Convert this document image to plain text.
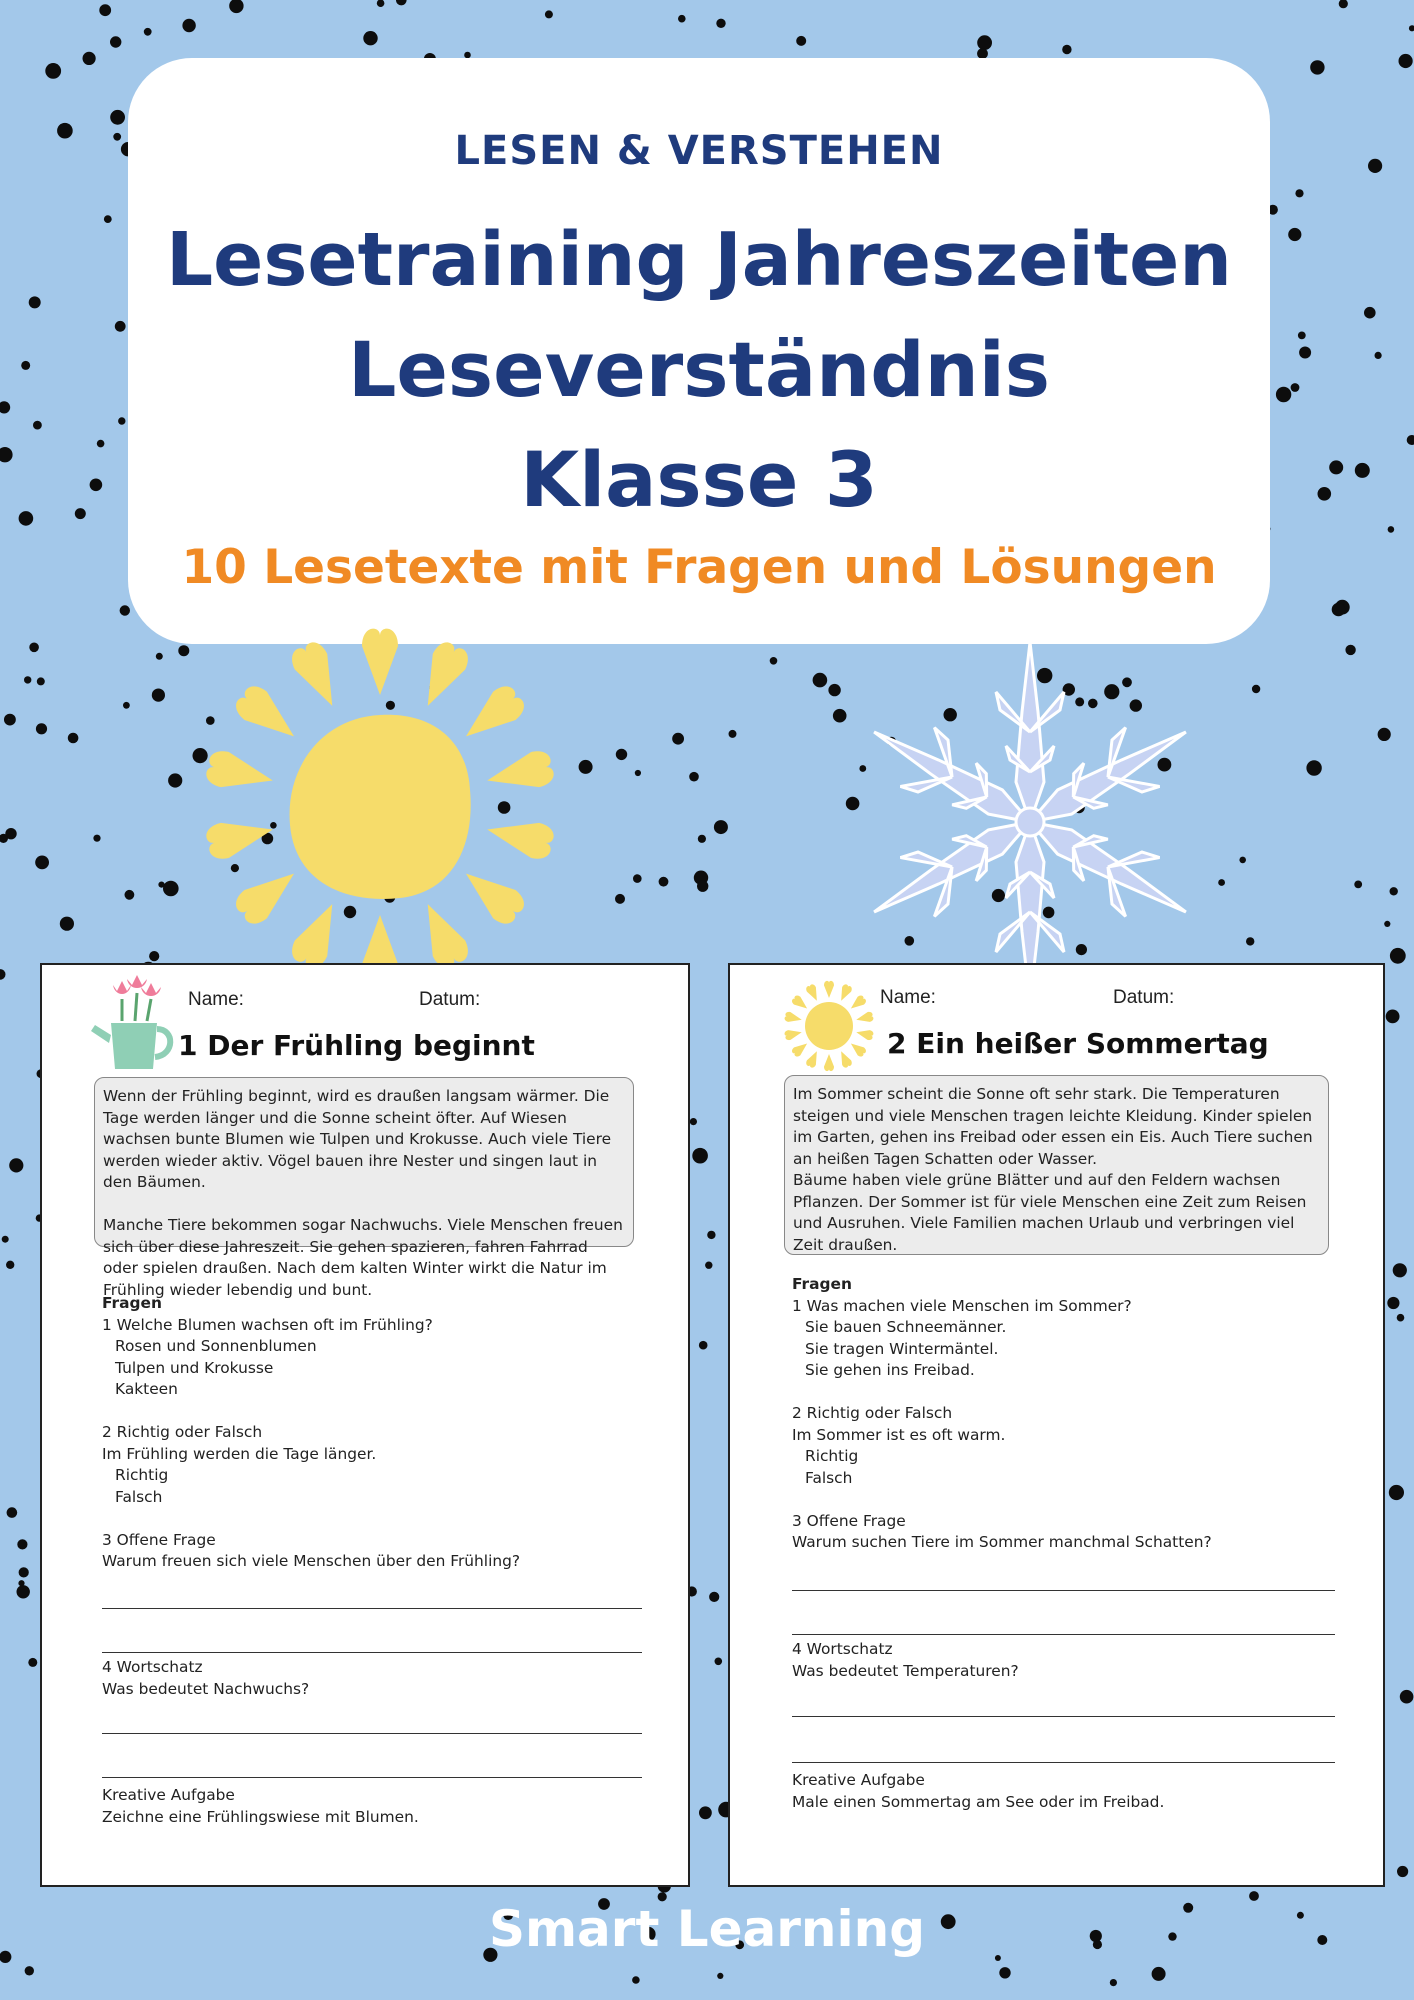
LESEN & VERSTEHEN
Lesetraining Jahreszeiten
Leseverständnis
Klasse 3
10 Lesetexte mit Fragen und Lösungen
Name:	Datum:
1 Der Frühling beginnt

Wenn der Frühling beginnt, wird es draußen langsam wärmer. Die Tage werden länger und die Sonne scheint öfter. Auf Wiesen wachsen bunte Blumen wie Tulpen und Krokusse. Auch viele Tiere werden wieder aktiv. Vögel bauen ihre Nester und singen laut in den Bäumen.

Manche Tiere bekommen sogar Nachwuchs. Viele Menschen freuen sich über diese Jahreszeit. Sie gehen spazieren, fahren Fahrrad oder spielen draußen. Nach dem kalten Winter wirkt die Natur im Frühling wieder lebendig und bunt.

Fragen
1 Welche Blumen wachsen oft im Frühling?
Rosen und Sonnenblumen
Tulpen und Krokusse
Kakteen
2 Richtig oder Falsch
Im Frühling werden die Tage länger.
Richtig
Falsch
3 Offene Frage
Warum freuen sich viele Menschen über den Frühling?
4 Wortschatz
Was bedeutet Nachwuchs?
Kreative Aufgabe
Zeichne eine Frühlingswiese mit Blumen.
Name:	Datum:
2 Ein heißer Sommertag

Im Sommer scheint die Sonne oft sehr stark. Die Temperaturen steigen und viele Menschen tragen leichte Kleidung. Kinder spielen im Garten, gehen ins Freibad oder essen ein Eis. Auch Tiere suchen an heißen Tagen Schatten oder Wasser.

Bäume haben viele grüne Blätter und auf den Feldern wachsen Pflanzen. Der Sommer ist für viele Menschen eine Zeit zum Reisen und Ausruhen. Viele Familien machen Urlaub und verbringen viel Zeit draußen.

Fragen
1 Was machen viele Menschen im Sommer?
Sie bauen Schneemänner.
Sie tragen Wintermäntel.
Sie gehen ins Freibad.
2 Richtig oder Falsch
Im Sommer ist es oft warm.
Richtig
Falsch
3 Offene Frage
Warum suchen Tiere im Sommer manchmal Schatten?
4 Wortschatz
Was bedeutet Temperaturen?
Kreative Aufgabe
Male einen Sommertag am See oder im Freibad.
Smart Learning
